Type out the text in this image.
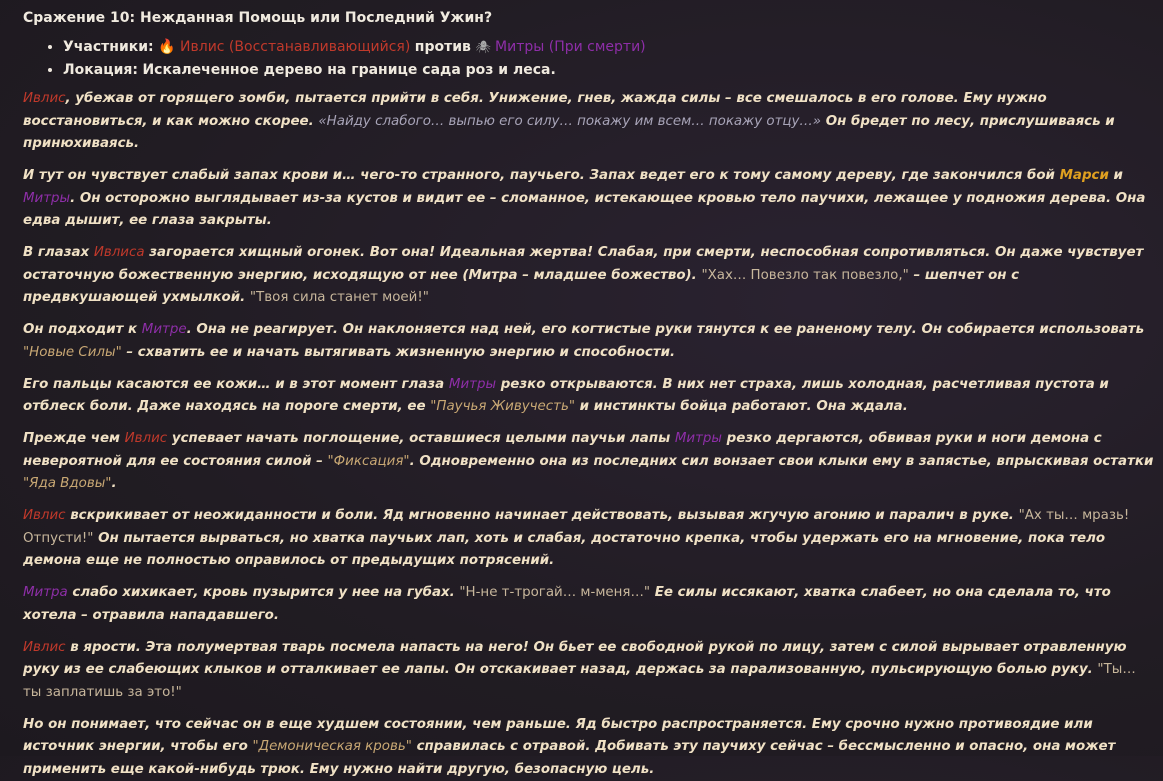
Сражение 10: Нежданная Помощь или Последний Ужин?
• Участники: 🔥 Ивлис (Восстанавливающийся) против 🕷 Митры (При смерти)
• Локация: Искалеченное дерево на границе сада роз и леса.

Ивлис, убежав от горящего зомби, пытается прийти в себя. Унижение, гнев, жажда силы – все смешалось в его голове. Ему нужно восстановиться, и как можно скорее. «Найду слабого… выпью его силу… покажу им всем… покажу отцу…» Он бредет по лесу, прислушиваясь и принюхиваясь.

И тут он чувствует слабый запах крови и… чего-то странного, паучьего. Запах ведет его к тому самому дереву, где закончился бой Марси и Митры. Он осторожно выглядывает из-за кустов и видит ее – сломанное, истекающее кровью тело паучихи, лежащее у подножия дерева. Она едва дышит, ее глаза закрыты.

В глазах Ивлиса загорается хищный огонек. Вот она! Идеальная жертва! Слабая, при смерти, неспособная сопротивляться. Он даже чувствует остаточную божественную энергию, исходящую от нее (Митра – младшее божество). "Хах… Повезло так повезло," – шепчет он с предвкушающей ухмылкой. "Твоя сила станет моей!"

Он подходит к Митре. Она не реагирует. Он наклоняется над ней, его когтистые руки тянутся к ее раненому телу. Он собирается использовать "Новые Силы" – схватить ее и начать вытягивать жизненную энергию и способности.

Его пальцы касаются ее кожи… и в этот момент глаза Митры резко открываются. В них нет страха, лишь холодная, расчетливая пустота и отблеск боли. Даже находясь на пороге смерти, ее "Паучья Живучесть" и инстинкты бойца работают. Она ждала.

Прежде чем Ивлис успевает начать поглощение, оставшиеся целыми паучьи лапы Митры резко дергаются, обвивая руки и ноги демона с невероятной для ее состояния силой – "Фиксация". Одновременно она из последних сил вонзает свои клыки ему в запястье, впрыскивая остатки "Яда Вдовы".

Ивлис вскрикивает от неожиданности и боли. Яд мгновенно начинает действовать, вызывая жгучую агонию и паралич в руке. "Ах ты… мразь! Отпусти!" Он пытается вырваться, но хватка паучьих лап, хоть и слабая, достаточно крепка, чтобы удержать его на мгновение, пока тело демона еще не полностью оправилось от предыдущих потрясений.

Митра слабо хихикает, кровь пузырится у нее на губах. "Н-не т-трогай… м-меня…" Ее силы иссякают, хватка слабеет, но она сделала то, что хотела – отравила нападавшего.

Ивлис в ярости. Эта полумертвая тварь посмела напасть на него! Он бьет ее свободной рукой по лицу, затем с силой вырывает отравленную руку из ее слабеющих клыков и отталкивает ее лапы. Он отскакивает назад, держась за парализованную, пульсирующую болью руку. "Ты… ты заплатишь за это!"

Но он понимает, что сейчас он в еще худшем состоянии, чем раньше. Яд быстро распространяется. Ему срочно нужно противоядие или источник энергии, чтобы его "Демоническая кровь" справилась с отравой. Добивать эту паучиху сейчас – бессмысленно и опасно, она может применить еще какой-нибудь трюк. Ему нужно найти другую, безопасную цель.
